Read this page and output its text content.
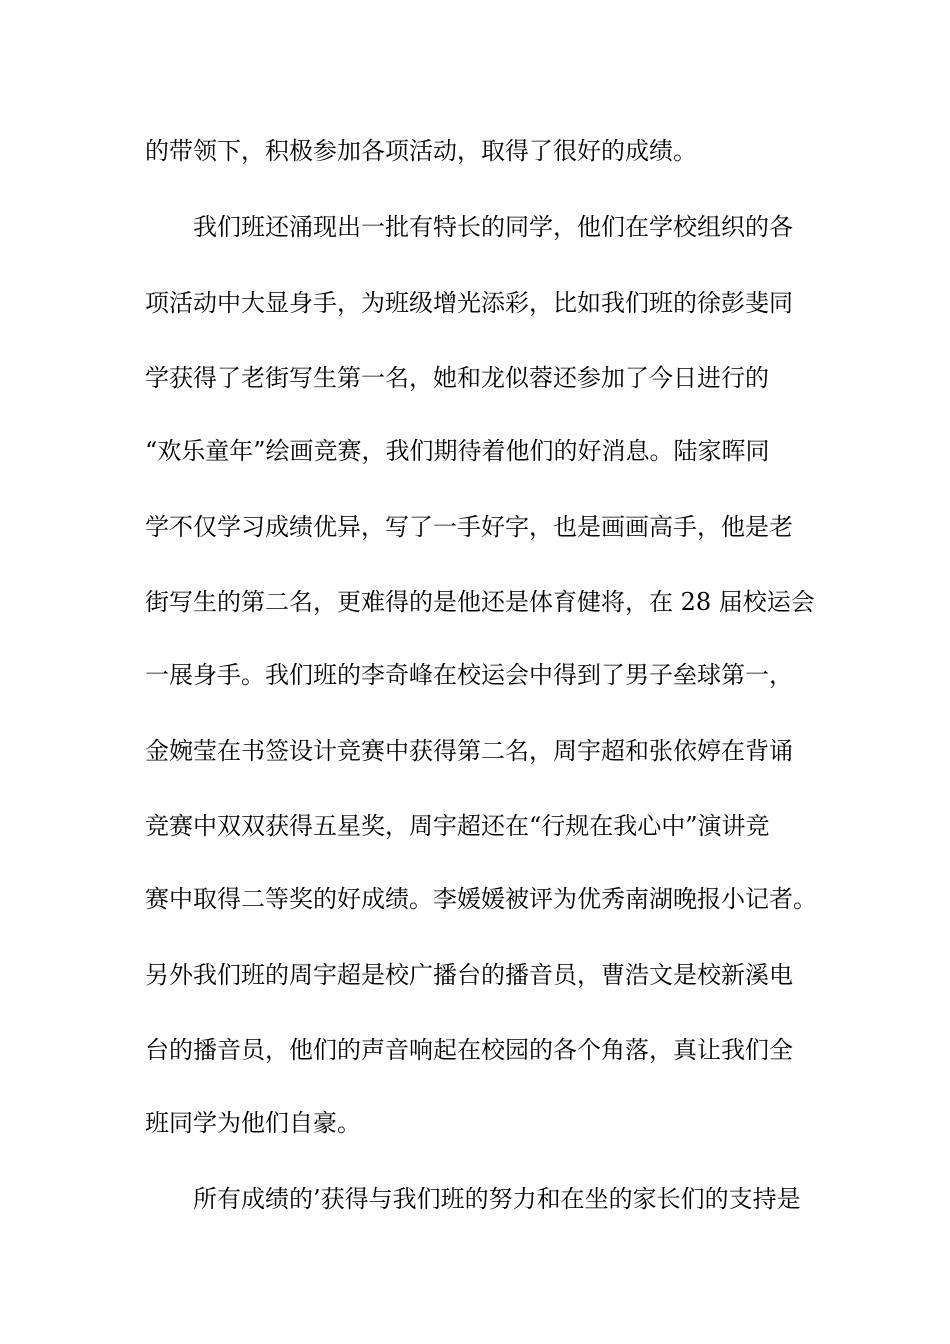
的带领下，积极参加各项活动，取得了很好的成绩。
我们班还涌现出一批有特长的同学，他们在学校组织的各
项活动中大显身手，为班级增光添彩，比如我们班的徐彭斐同
学获得了老街写生第一名，她和龙似蓉还参加了今日进行的
“欢乐童年”绘画竞赛，我们期待着他们的好消息。陆家晖同
学不仅学习成绩优异，写了一手好字，也是画画高手，他是老
街写生的第二名，更难得的是他还是体育健将，在 28 届校运会
一展身手。我们班的李奇峰在校运会中得到了男子垒球第一，
金婉莹在书签设计竞赛中获得第二名，周宇超和张依婷在背诵
竞赛中双双获得五星奖，周宇超还在“行规在我心中”演讲竞
赛中取得二等奖的好成绩。李媛媛被评为优秀南湖晚报小记者。
另外我们班的周宇超是校广播台的播音员，曹浩文是校新溪电
台的播音员，他们的声音响起在校园的各个角落，真让我们全
班同学为他们自豪。
所有成绩的’获得与我们班的努力和在坐的家长们的支持是
